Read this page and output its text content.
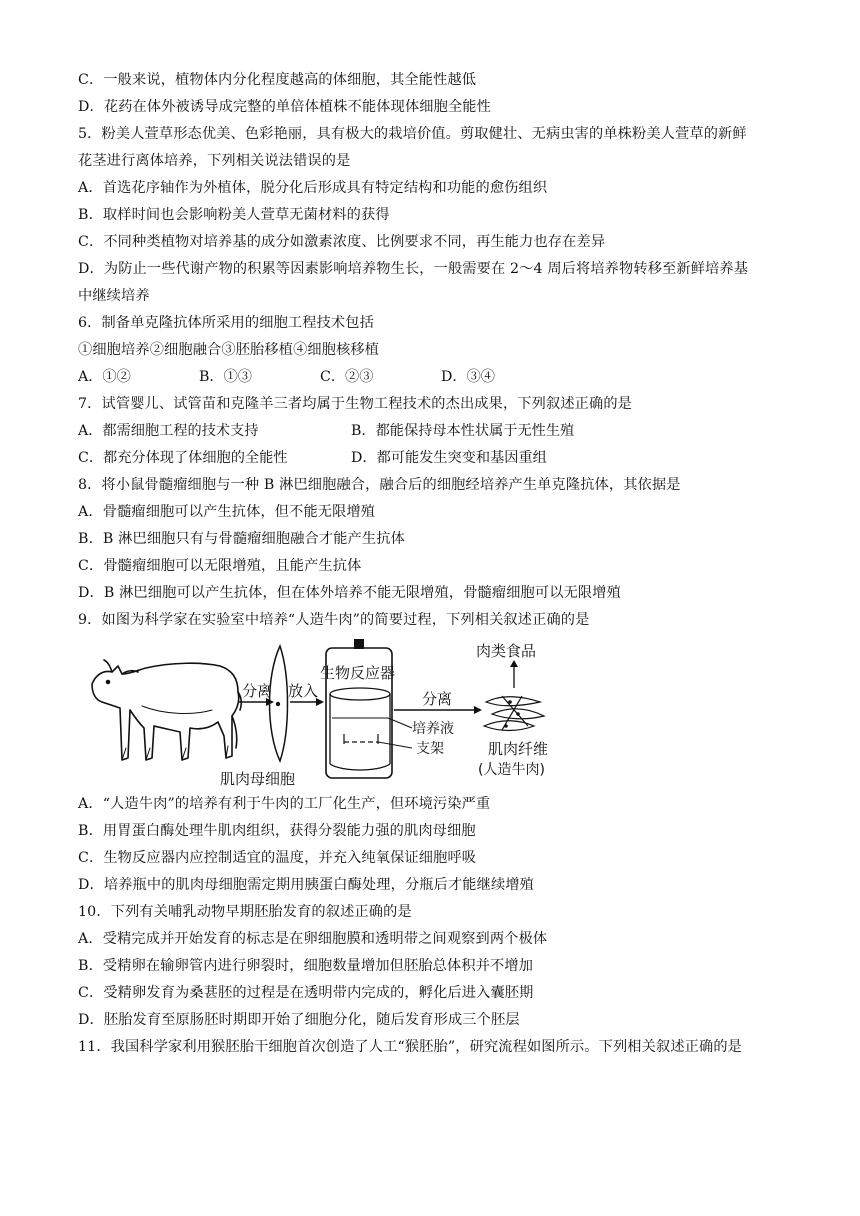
C．一般来说，植物体内分化程度越高的体细胞，其全能性越低
D．花药在体外被诱导成完整的单倍体植株不能体现体细胞全能性
5．粉美人萱草形态优美、色彩艳丽，具有极大的栽培价值。剪取健壮、无病虫害的单株粉美人萱草的新鲜
花茎进行离体培养，下列相关说法错误的是
A．首选花序轴作为外植体，脱分化后形成具有特定结构和功能的愈伤组织
B．取样时间也会影响粉美人萱草无菌材料的获得
C．不同种类植物对培养基的成分如激素浓度、比例要求不同，再生能力也存在差异
D．为防止一些代谢产物的积累等因素影响培养物生长，一般需要在 2～4 周后将培养物转移至新鲜培养基
中继续培养
6．制备单克隆抗体所采用的细胞工程技术包括
①细胞培养②细胞融合③胚胎移植④细胞核移植
A．①②	B．①③	C．②③	D．③④
7．试管婴儿、试管苗和克隆羊三者均属于生物工程技术的杰出成果，下列叙述正确的是
A．都需细胞工程的技术支持	B．都能保持母本性状属于无性生殖
C．都充分体现了体细胞的全能性	D．都可能发生突变和基因重组
8．将小鼠骨髓瘤细胞与一种 B 淋巴细胞融合，融合后的细胞经培养产生单克隆抗体，其依据是
A．骨髓瘤细胞可以产生抗体，但不能无限增殖
B．B 淋巴细胞只有与骨髓瘤细胞融合才能产生抗体
C．骨髓瘤细胞可以无限增殖，且能产生抗体
D．B 淋巴细胞可以产生抗体，但在体外培养不能无限增殖，骨髓瘤细胞可以无限增殖
9．如图为科学家在实验室中培养“人造牛肉”的简要过程，下列相关叙述正确的是
分离 放入
生物反应器
培养液
支架
分离
肉类食品
肌肉纤维
(人造牛肉)
肌肉母细胞
A．“人造牛肉”的培养有利于牛肉的工厂化生产，但环境污染严重
B．用胃蛋白酶处理牛肌肉组织，获得分裂能力强的肌肉母细胞
C．生物反应器内应控制适宜的温度，并充入纯氧保证细胞呼吸
D．培养瓶中的肌肉母细胞需定期用胰蛋白酶处理，分瓶后才能继续增殖
10．下列有关哺乳动物早期胚胎发育的叙述正确的是
A．受精完成并开始发育的标志是在卵细胞膜和透明带之间观察到两个极体
B．受精卵在输卵管内进行卵裂时，细胞数量增加但胚胎总体积并不增加
C．受精卵发育为桑葚胚的过程是在透明带内完成的，孵化后进入囊胚期
D．胚胎发育至原肠胚时期即开始了细胞分化，随后发育形成三个胚层
11．我国科学家利用猴胚胎干细胞首次创造了人工“猴胚胎”，研究流程如图所示。下列相关叙述正确的是
